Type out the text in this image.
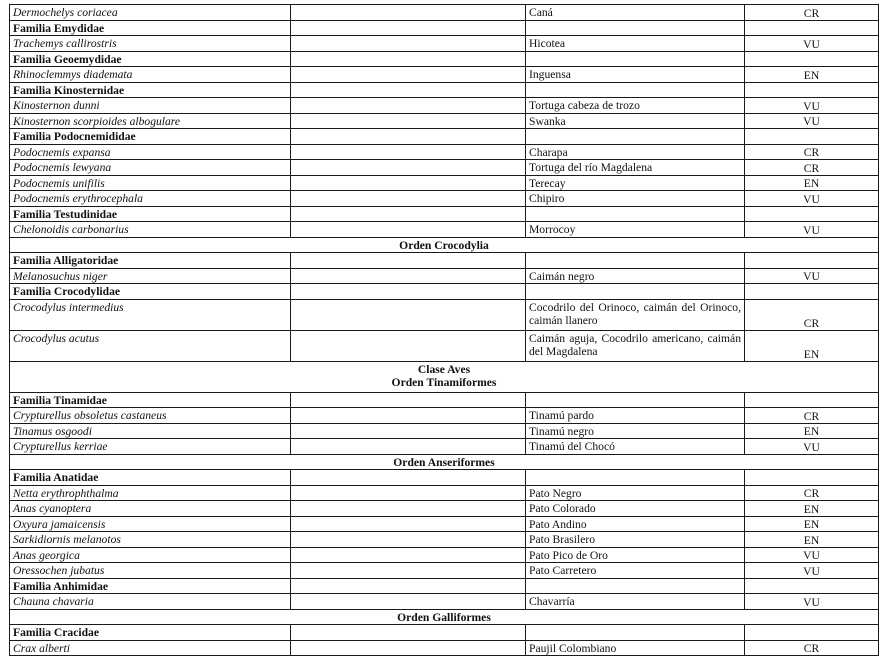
Dermochelys coriacea		Caná	CR
Familia Emydidae			
Trachemys callirostris		Hicotea	VU
Familia Geoemydidae			
Rhinoclemmys diademata		Inguensa	EN
Familia Kinosternidae			
Kinosternon dunni		Tortuga cabeza de trozo	VU
Kinosternon scorpioides albogulare		Swanka	VU
Familia Podocnemididae			
Podocnemis expansa		Charapa	CR
Podocnemis lewyana		Tortuga del río Magdalena	CR
Podocnemis unifilis		Terecay	EN
Podocnemis erythrocephala		Chipiro	VU
Familia Testudinidae			
Chelonoidis carbonarius		Morrocoy	VU

Orden Crocodylia			

Familia Alligatoridae			
Melanosuchus niger		Caimán negro	VU
Familia Crocodylidae			
Crocodylus intermedius		Cocodrilo del Orinoco, caimán del Orinoco, caimán llanero	CR
Crocodylus acutus		Caimán aguja, Cocodrilo americano, caimán del Magdalena	EN

Clase Aves
Orden Tinamiformes			

Familia Tinamidae			
Crypturellus obsoletus castaneus		Tinamú pardo	CR
Tinamus osgoodi		Tinamú negro	EN
Crypturellus kerriae		Tinamú del Chocó	VU

Orden Anseriformes			

Familia Anatidae			
Netta erythrophthalma		Pato Negro	CR
Anas cyanoptera		Pato Colorado	EN
Oxyura jamaicensis		Pato Andino	EN
Sarkidiornis melanotos		Pato Brasilero	EN
Anas georgica		Pato Pico de Oro	VU
Oressochen jubatus		Pato Carretero	VU
Familia Anhimidae			
Chauna chavaria		Chavarría	VU

Orden Galliformes			

Familia Cracidae			
Crax alberti		Paujil Colombiano	CR
